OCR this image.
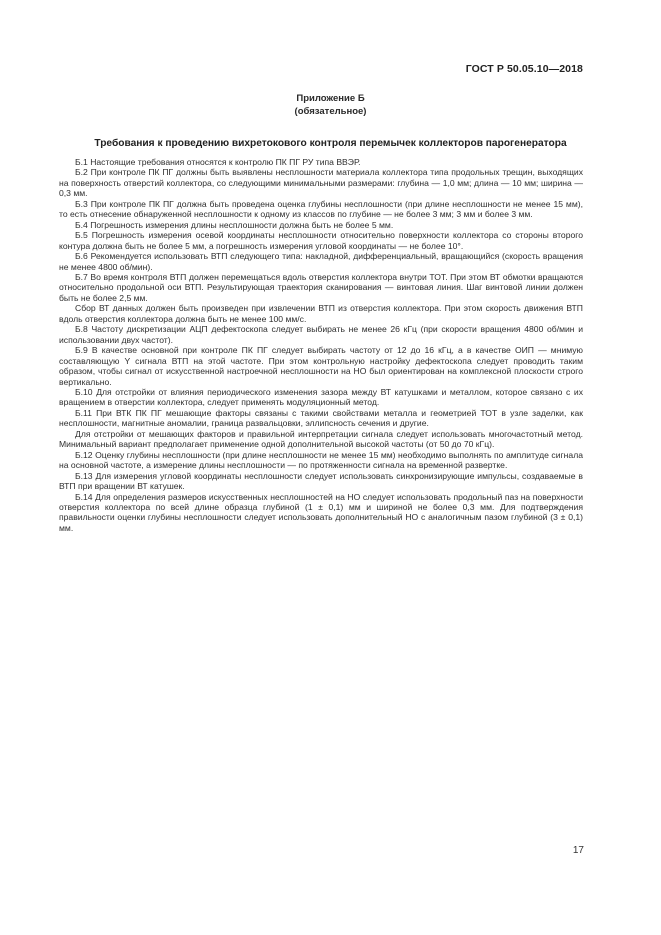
ГОСТ Р 50.05.10—2018
Приложение Б
(обязательное)
Требования к проведению вихретокового контроля перемычек коллекторов парогенератора

Б.1 Настоящие требования относятся к контролю ПК ПГ РУ типа ВВЭР.

Б.2 При контроле ПК ПГ должны быть выявлены несплошности материала коллектора типа продольных трещин, выходящих на поверхность отверстий коллектора, со следующими минимальными размерами: глубина — 1,0 мм; длина — 10 мм; ширина — 0,3 мм.

Б.3 При контроле ПК ПГ должна быть проведена оценка глубины несплошности (при длине несплошности не менее 15 мм), то есть отнесение обнаруженной несплошности к одному из классов по глубине — не более 3 мм; 3 мм и более 3 мм.

Б.4 Погрешность измерения длины несплошности должна быть не более 5 мм.

Б.5 Погрешность измерения осевой координаты несплошности относительно поверхности коллектора со стороны второго контура должна быть не более 5 мм, а погрешность измерения угловой координаты — не более 10°.

Б.6 Рекомендуется использовать ВТП следующего типа: накладной, дифференциальный, вращающийся (скорость вращения не менее 4800 об/мин).

Б.7 Во время контроля ВТП должен перемещаться вдоль отверстия коллектора внутри ТОТ. При этом ВТ обмотки вращаются относительно продольной оси ВТП. Результирующая траектория сканирования — винтовая линия. Шаг винтовой линии должен быть не более 2,5 мм.

Сбор ВТ данных должен быть произведен при извлечении ВТП из отверстия коллектора. При этом скорость движения ВТП вдоль отверстия коллектора должна быть не менее 100 мм/с.

Б.8 Частоту дискретизации АЦП дефектоскопа следует выбирать не менее 26 кГц (при скорости вращения 4800 об/мин и использовании двух частот).

Б.9 В качестве основной при контроле ПК ПГ следует выбирать частоту от 12 до 16 кГц, а в качестве ОИП — мнимую составляющую Y сигнала ВТП на этой частоте. При этом контрольную настройку дефектоскопа следует проводить таким образом, чтобы сигнал от искусственной настроечной несплошности на НО был ориентирован на комплексной плоскости строго вертикально.

Б.10 Для отстройки от влияния периодического изменения зазора между ВТ катушками и металлом, которое связано с их вращением в отверстии коллектора, следует применять модуляционный метод.

Б.11 При ВТК ПК ПГ мешающие факторы связаны с такими свойствами металла и геометрией ТОТ в узле заделки, как несплошности, магнитные аномалии, граница развальцовки, эллипсность сечения и другие.

Для отстройки от мешающих факторов и правильной интерпретации сигнала следует использовать многочастотный метод. Минимальный вариант предполагает применение одной дополнительной высокой частоты (от 50 до 70 кГц).

Б.12 Оценку глубины несплошности (при длине несплошности не менее 15 мм) необходимо выполнять по амплитуде сигнала на основной частоте, а измерение длины несплошности — по протяженности сигнала на временной развертке.

Б.13 Для измерения угловой координаты несплошности следует использовать синхронизирующие импульсы, создаваемые в ВТП при вращении ВТ катушек.

Б.14 Для определения размеров искусственных несплошностей на НО следует использовать продольный паз на поверхности отверстия коллектора по всей длине образца глубиной (1 ± 0,1) мм и шириной не более 0,3 мм. Для подтверждения правильности оценки глубины несплошности следует использовать дополнительный НО с аналогичным пазом глубиной (3 ± 0,1) мм.

17
